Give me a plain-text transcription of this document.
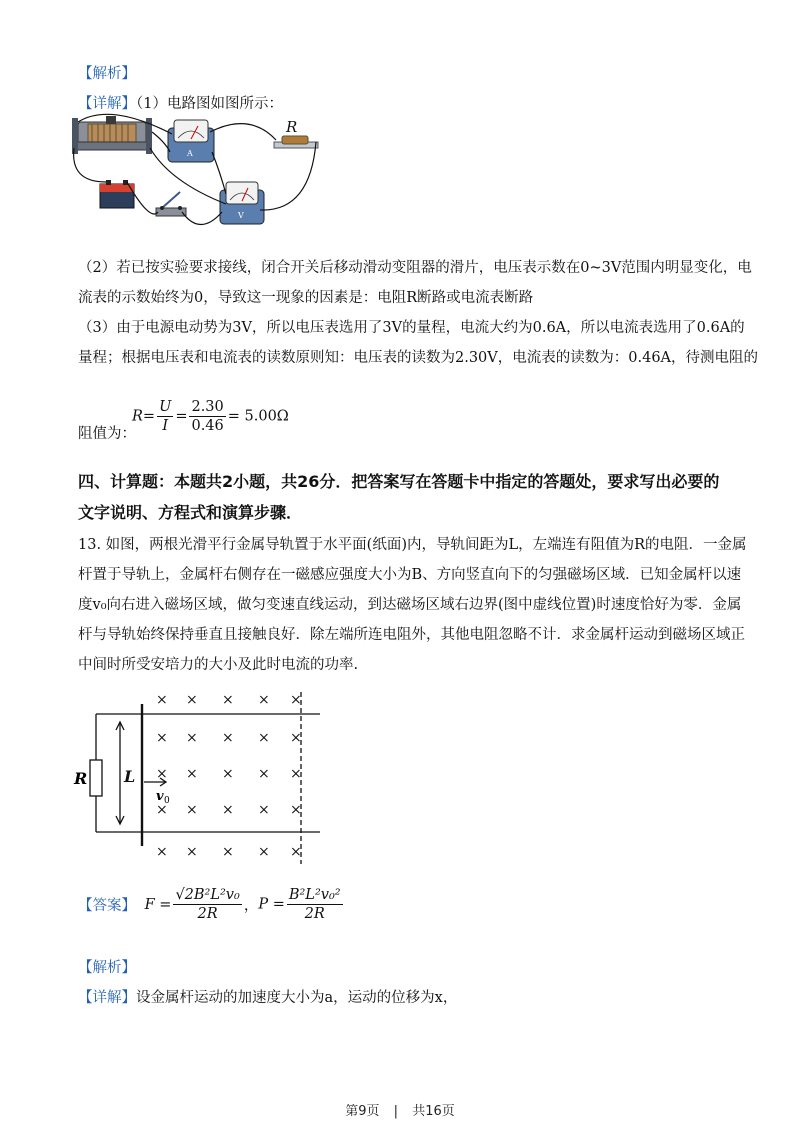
【解析】
【详解】（1）电路图如图所示：
A
R
V
（2）若已按实验要求接线，闭合开关后移动滑动变阻器的滑片，电压表示数在0~3V范围内明显变化，电
流表的示数始终为0，导致这一现象的因素是：电阻R断路或电流表断路
（3）由于电源电动势为3V，所以电压表选用了3V的量程，电流大约为0.6A，所以电流表选用了0.6A的
量程；根据电压表和电流表的读数原则知：电压表的读数为2.30V，电流表的读数为：0.46A，待测电阻的
$R= \frac{U}{I} = \frac{2.30}{0.46} = 5.00\Omega$
阻值为：
四、计算题：本题共2小题，共26分．把答案写在答题卡中指定的答题处，要求写出必要的
文字说明、方程式和演算步骤．
13. 如图，两根光滑平行金属导轨置于水平面(纸面)内，导轨间距为L，左端连有阻值为R的电阻．一金属
杆置于导轨上，金属杆右侧存在一磁感应强度大小为B、方向竖直向下的匀强磁场区域．已知金属杆以速
度v₀向右进入磁场区域，做匀变速直线运动，到达磁场区域右边界(图中虚线位置)时速度恰好为零．金属
杆与导轨始终保持垂直且接触良好．除左端所连电阻外，其他电阻忽略不计．求金属杆运动到磁场区域正
中间时所受安培力的大小及此时电流的功率.
R L
v 0
× × × × ×
× × × × ×
× × × × ×
× × × × ×
× × × × ×
【答案】 $F = \frac{\text{√2B²L²v₀}}{2R}$ ，$P = \frac{\text{B²L²v₀²}}{2R}$
【解析】
【详解】设金属杆运动的加速度大小为a，运动的位移为x，
第9页 | 共16页
